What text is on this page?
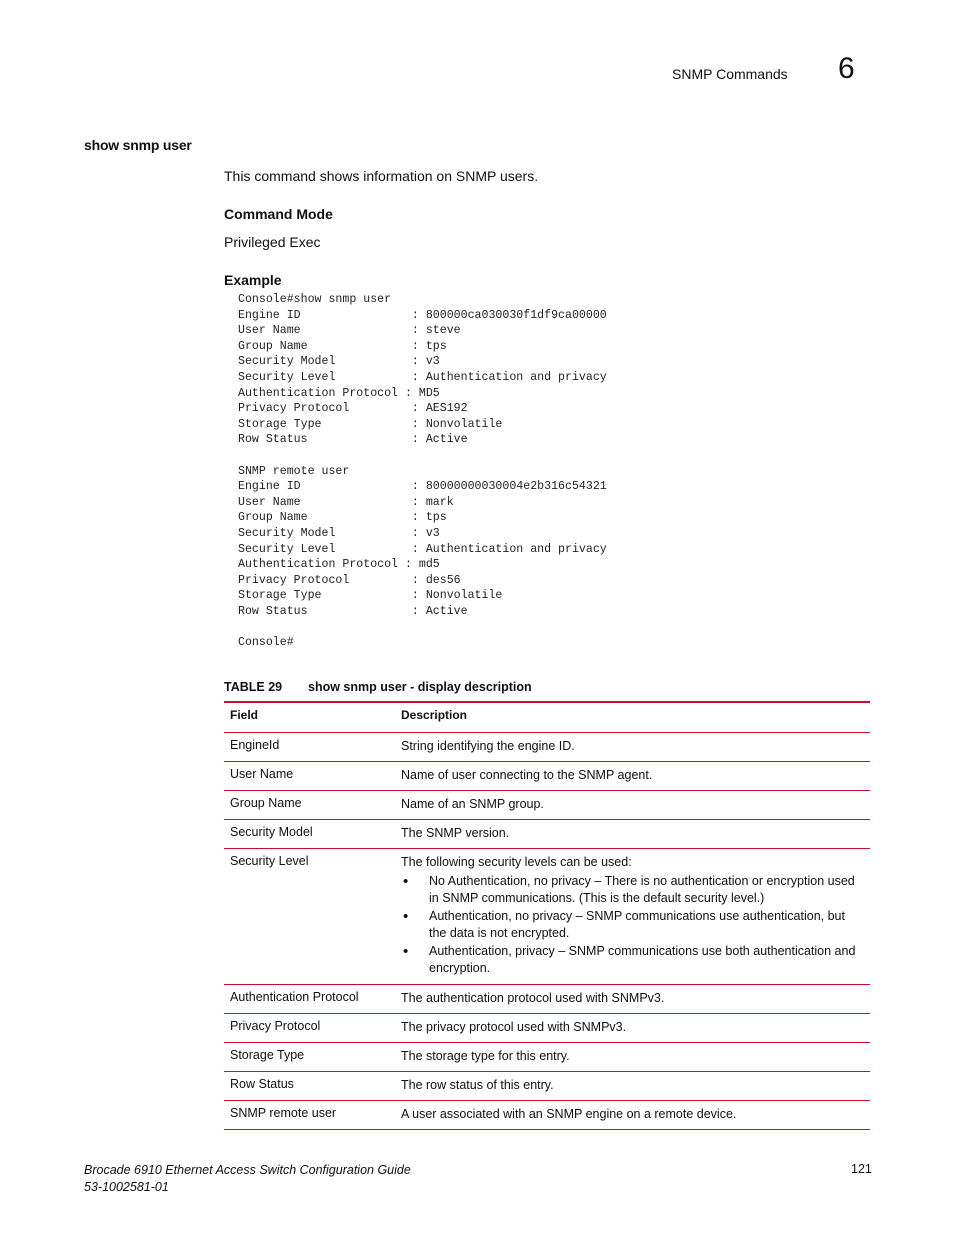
SNMP Commands 6
show snmp user
This command shows information on SNMP users.
Command Mode
Privileged Exec
Example
Console#show snmp user
Engine ID                : 800000ca030030f1df9ca00000
User Name                : steve
Group Name               : tps
Security Model           : v3
Security Level           : Authentication and privacy
Authentication Protocol : MD5
Privacy Protocol         : AES192
Storage Type             : Nonvolatile
Row Status               : Active

SNMP remote user
Engine ID                : 80000000030004e2b316c54321
User Name                : mark
Group Name               : tps
Security Model           : v3
Security Level           : Authentication and privacy
Authentication Protocol : md5
Privacy Protocol         : des56
Storage Type             : Nonvolatile
Row Status               : Active

Console#
TABLE 29 show snmp user - display description
Field	Description
EngineId	String identifying the engine ID.
User Name	Name of user connecting to the SNMP agent.
Group Name	Name of an SNMP group.
Security Model	The SNMP version.
Security Level	The following security levels can be used:
• No Authentication, no privacy – There is no authentication or encryption used in SNMP communications. (This is the default security level.)
• Authentication, no privacy – SNMP communications use authentication, but the data is not encrypted.
• Authentication, privacy – SNMP communications use both authentication and encryption.
Authentication Protocol	The authentication protocol used with SNMPv3.
Privacy Protocol	The privacy protocol used with SNMPv3.
Storage Type	The storage type for this entry.
Row Status	The row status of this entry.
SNMP remote user	A user associated with an SNMP engine on a remote device.
Brocade 6910 Ethernet Access Switch Configuration Guide
53-1002581-01
121
